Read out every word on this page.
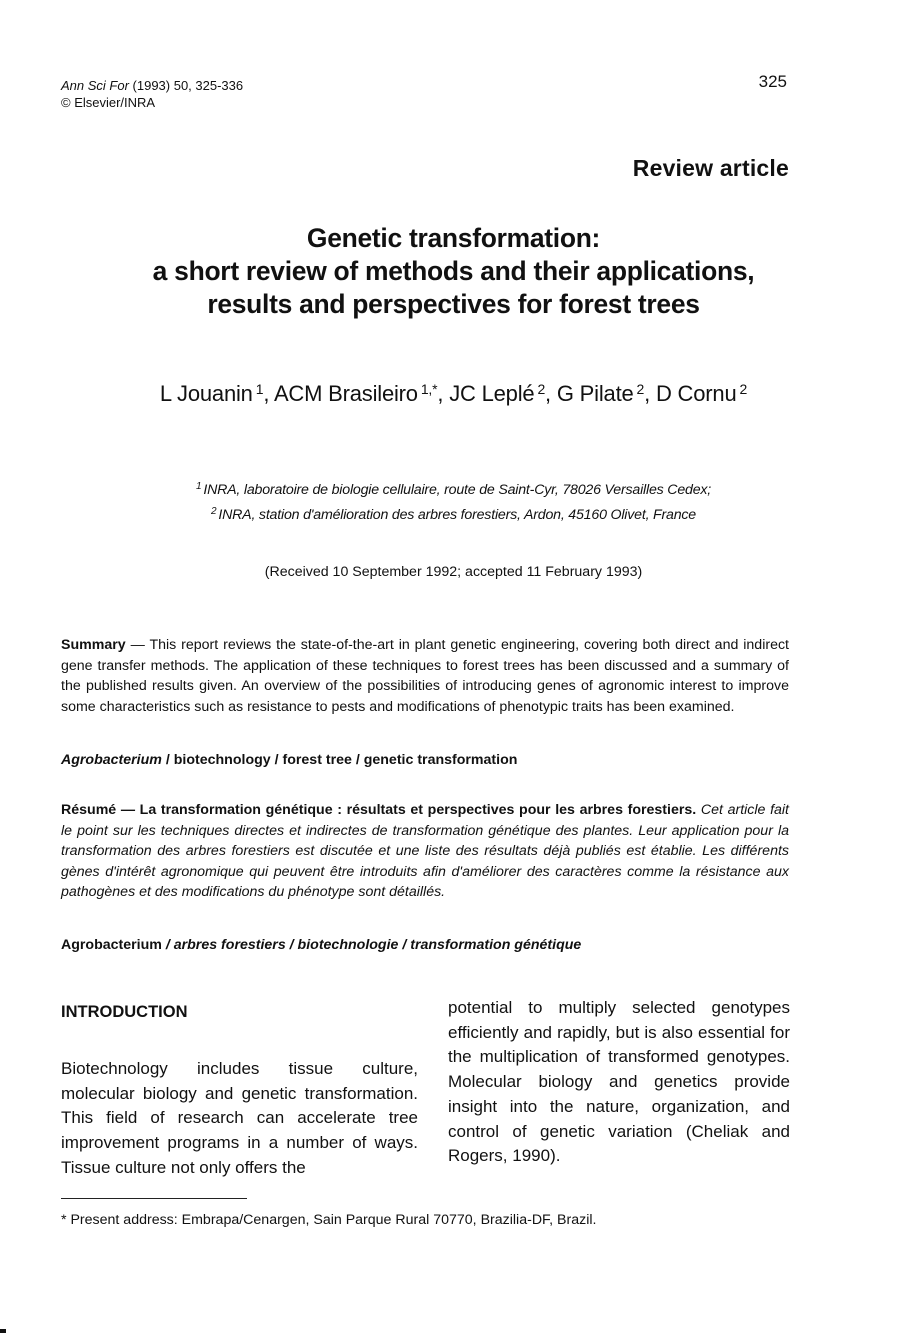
Ann Sci For (1993) 50, 325-336
© Elsevier/INRA
325
Review article
Genetic transformation:
a short review of methods and their applications,
results and perspectives for forest trees
L Jouanin $^1$, ACM Brasileiro $^{1,*}$, JC Leplé $^2$, G Pilate $^2$, D Cornu $^2$
$^1$ INRA, laboratoire de biologie cellulaire, route de Saint-Cyr, 78026 Versailles Cedex;
$^2$ INRA, station d'amélioration des arbres forestiers, Ardon, 45160 Olivet, France
(Received 10 September 1992; accepted 11 February 1993)
Summary — This report reviews the state-of-the-art in plant genetic engineering, covering both direct and indirect gene transfer methods. The application of these techniques to forest trees has been discussed and a summary of the published results given. An overview of the possibilities of introducing genes of agronomic interest to improve some characteristics such as resistance to pests and modifications of phenotypic traits has been examined.
Agrobacterium / biotechnology / forest tree / genetic transformation
Résumé — La transformation génétique : résultats et perspectives pour les arbres forestiers. Cet article fait le point sur les techniques directes et indirectes de transformation génétique des plantes. Leur application pour la transformation des arbres forestiers est discutée et une liste des résultats déjà publiés est établie. Les différents gènes d'intérêt agronomique qui peuvent être introduits afin d'améliorer des caractères comme la résistance aux pathogènes et des modifications du phénotype sont détaillés.
Agrobacterium / arbres forestiers / biotechnologie / transformation génétique
INTRODUCTION
Biotechnology includes tissue culture, molecular biology and genetic transformation. This field of research can accelerate tree improvement programs in a number of ways. Tissue culture not only offers the
potential to multiply selected genotypes efficiently and rapidly, but is also essential for the multiplication of transformed genotypes. Molecular biology and genetics provide insight into the nature, organization, and control of genetic variation (Cheliak and Rogers, 1990).
* Present address: Embrapa/Cenargen, Sain Parque Rural 70770, Brazilia-DF, Brazil.
